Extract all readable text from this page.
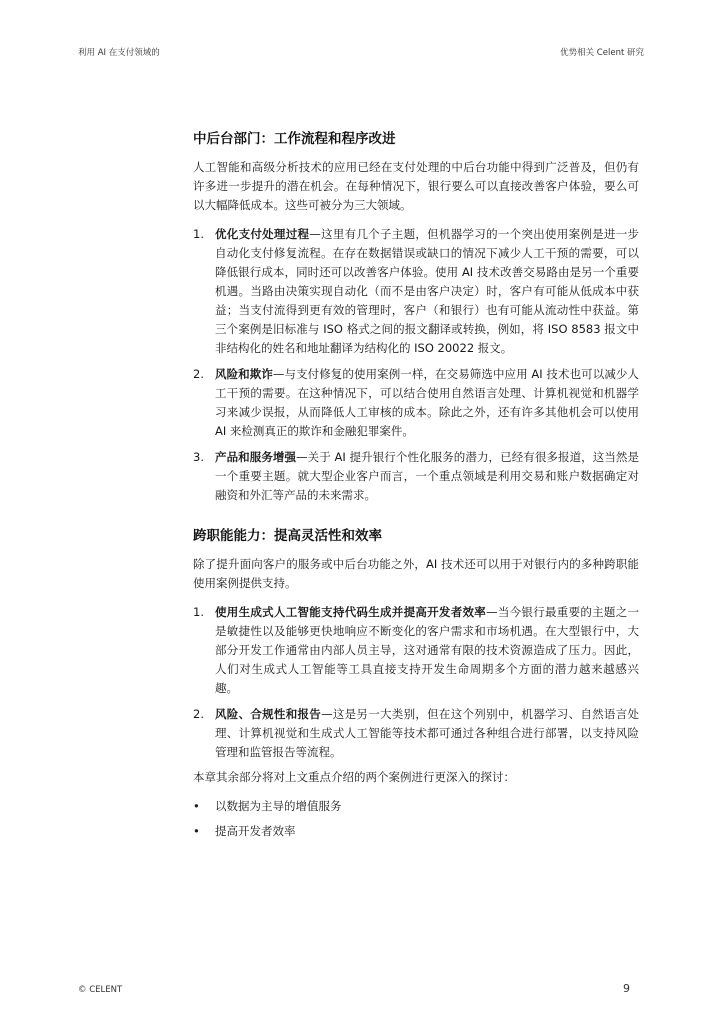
利用 AI 在支付领域的	优势相关 Celent 研究
中后台部门：工作流程和程序改进

人工智能和高级分析技术的应用已经在支付处理的中后台功能中得到广泛普及，但仍有许多进一步提升的潜在机会。在每种情况下，银行要么可以直接改善客户体验，要么可以大幅降低成本。这些可被分为三大领域。

1. 优化支付处理过程—这里有几个子主题，但机器学习的一个突出使用案例是进一步自动化支付修复流程。在存在数据错误或缺口的情况下减少人工干预的需要，可以降低银行成本，同时还可以改善客户体验。使用 AI 技术改善交易路由是另一个重要机遇。当路由决策实现自动化（而不是由客户决定）时，客户有可能从低成本中获益；当支付流得到更有效的管理时，客户（和银行）也有可能从流动性中获益。第三个案例是旧标准与 ISO 格式之间的报文翻译或转换，例如，将 ISO 8583 报文中非结构化的姓名和地址翻译为结构化的 ISO 20022 报文。
2. 风险和欺诈—与支付修复的使用案例一样，在交易筛选中应用 AI 技术也可以减少人工干预的需要。在这种情况下，可以结合使用自然语言处理、计算机视觉和机器学习来减少误报，从而降低人工审核的成本。除此之外，还有许多其他机会可以使用 AI 来检测真正的欺诈和金融犯罪案件。
3. 产品和服务增强—关于 AI 提升银行个性化服务的潜力，已经有很多报道，这当然是一个重要主题。就大型企业客户而言，一个重点领域是利用交易和账户数据确定对融资和外汇等产品的未来需求。
跨职能能力：提高灵活性和效率

除了提升面向客户的服务或中后台功能之外，AI 技术还可以用于对银行内的多种跨职能使用案例提供支持。

1. 使用生成式人工智能支持代码生成并提高开发者效率—当今银行最重要的主题之一是敏捷性以及能够更快地响应不断变化的客户需求和市场机遇。在大型银行中，大部分开发工作通常由内部人员主导，这对通常有限的技术资源造成了压力。因此，人们对生成式人工智能等工具直接支持开发生命周期多个方面的潜力越来越感兴趣。
2. 风险、合规性和报告—这是另一大类别，但在这个列别中，机器学习、自然语言处理、计算机视觉和生成式人工智能等技术都可通过各种组合进行部署，以支持风险管理和监管报告等流程。

本章其余部分将对上文重点介绍的两个案例进行更深入的探讨：

• 以数据为主导的增值服务
• 提高开发者效率
© CELENT	9
